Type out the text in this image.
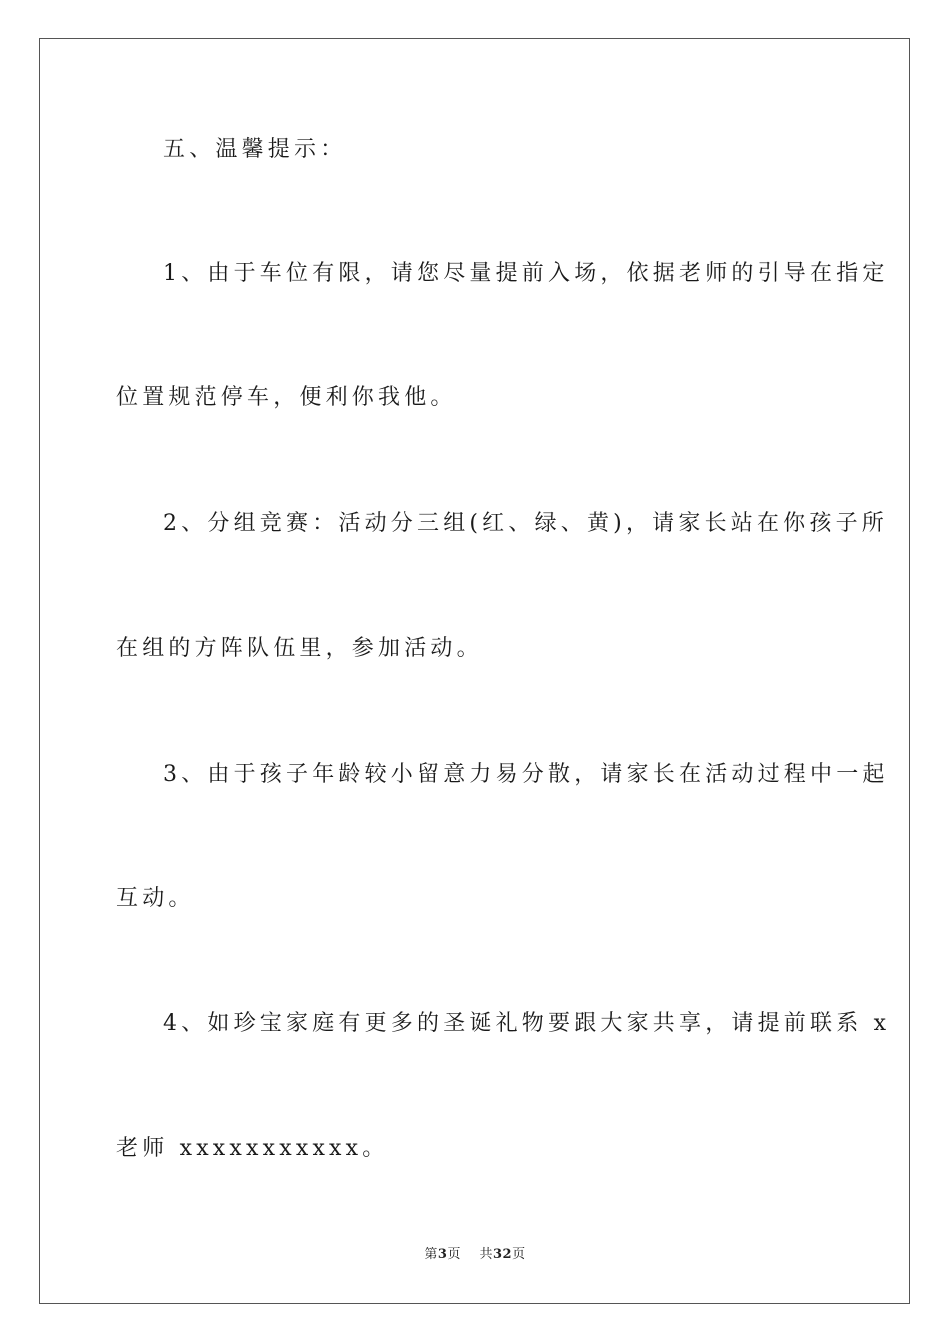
五、温馨提示：
1、由于车位有限，请您尽量提前入场，依据老师的引导在指定
位置规范停车，便利你我他。
2、分组竞赛：活动分三组(红、绿、黄)，请家长站在你孩子所
在组的方阵队伍里，参加活动。
3、由于孩子年龄较小留意力易分散，请家长在活动过程中一起
互动。
4、如珍宝家庭有更多的圣诞礼物要跟大家共享，请提前联系 x
老师 xxxxxxxxxxx。
第3页 共32页
